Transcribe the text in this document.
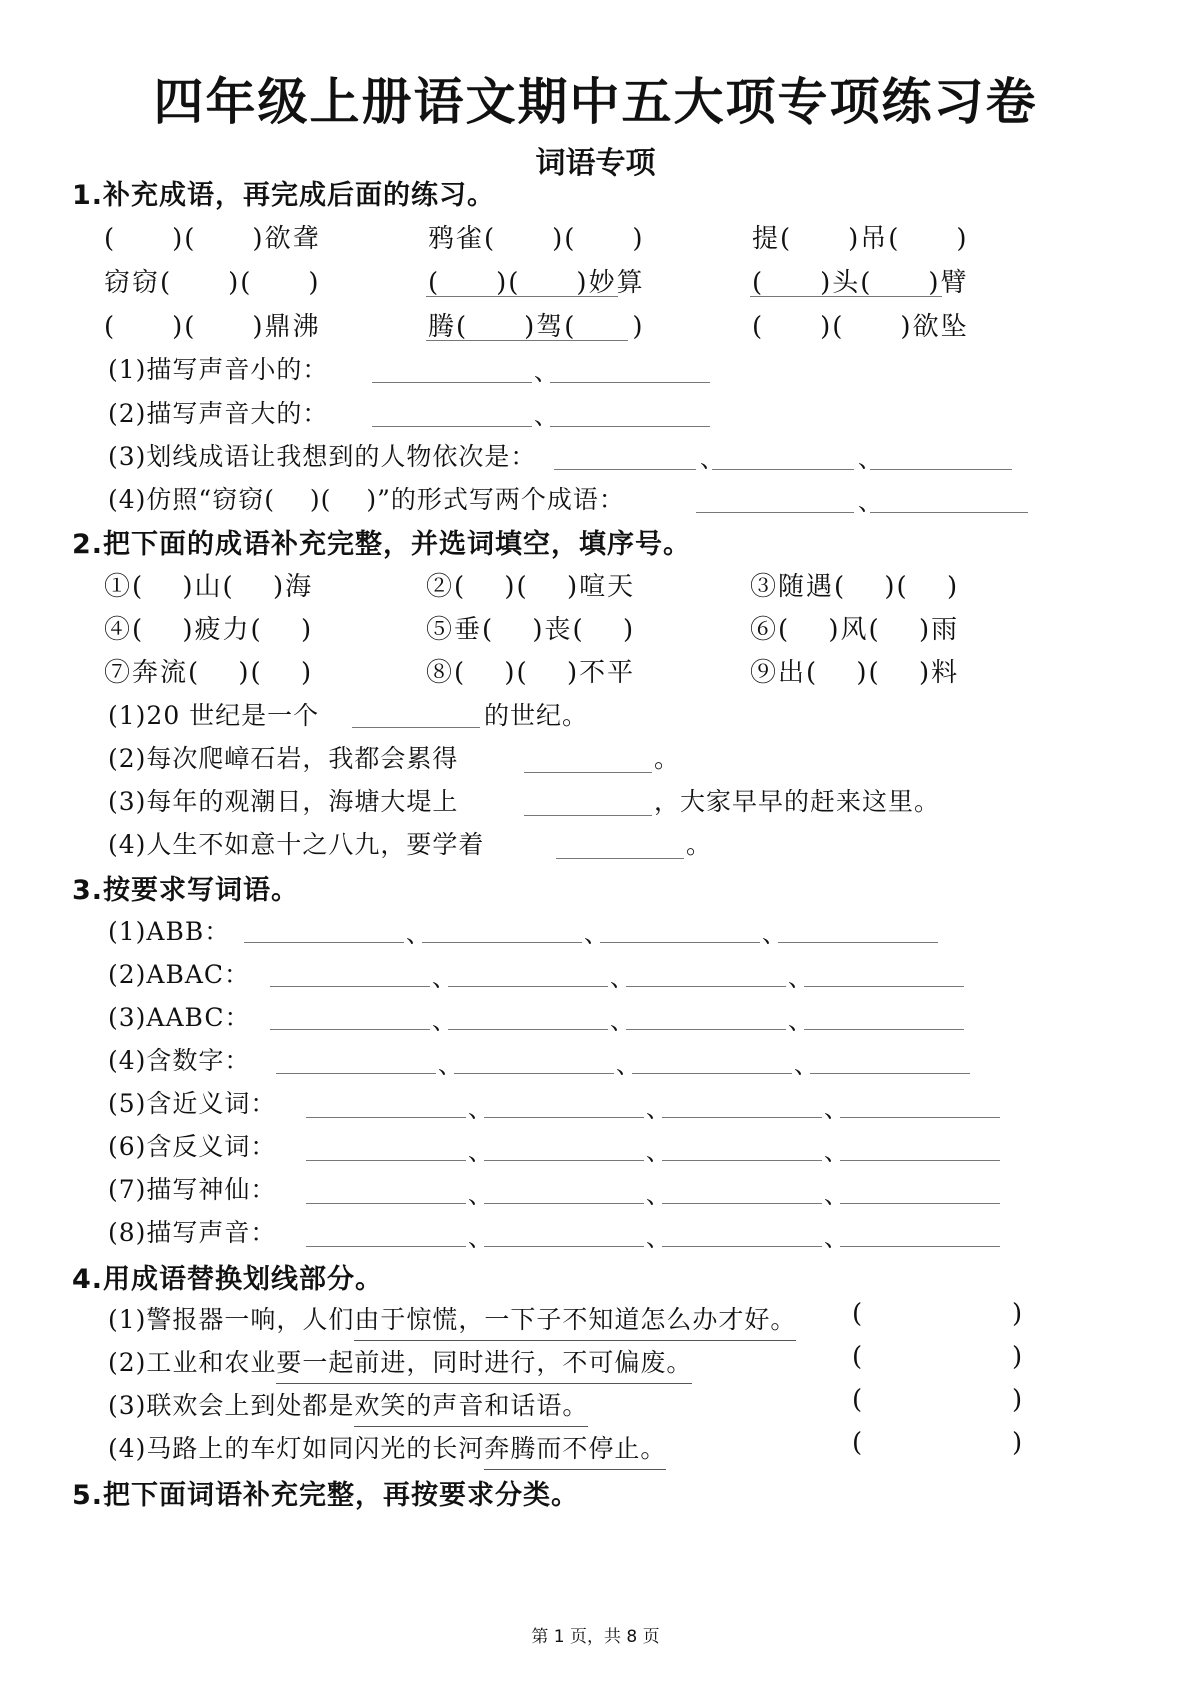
四年级上册语文期中五大项专项练习卷
词语专项
1.补充成语，再完成后面的练习。
(　　)(　　)欲聋	鸦雀(　　)(　　)	提(　　)吊(　　)
窃窃(　　)(　　)	(　　)(　　)妙算	(　　)头(　　)臂
(　　)(　　)鼎沸	腾(　　)驾(　　)	(　　)(　　)欲坠
(1)描写声音小的：	、
(2)描写声音大的：	、
(3)划线成语让我想到的人物依次是：	、	、
(4)仿照“窃窃(　 )(　 )”的形式写两个成语：	、
2.把下面的成语补充完整，并选词填空，填序号。
①(　 )山(　 )海	②(　 )(　 )喧天	③随遇(　 )(　 )
④(　 )疲力(　 )	⑤垂(　 )丧(　 )	⑥(　 )风(　 )雨
⑦奔流(　 )(　 )	⑧(　 )(　 )不平	⑨出(　 )(　 )料
(1)20 世纪是一个	的世纪。
(2)每次爬嶂石岩，我都会累得	。
(3)每年的观潮日，海塘大堤上	，大家早早的赶来这里。
(4)人生不如意十之八九，要学着	。
3.按要求写词语。
(1)ABB：	、	、	、
(2)ABAC：	、	、	、
(3)AABC：	、	、	、
(4)含数字：	、	、	、
(5)含近义词：	、	、	、
(6)含反义词：	、	、	、
(7)描写神仙：	、	、	、
(8)描写声音：	、	、	、
4.用成语替换划线部分。
(1)警报器一响，人们由于惊慌，一下子不知道怎么办才好。 (	)
(2)工业和农业要一起前进，同时进行，不可偏废。	(	)
(3)联欢会上到处都是欢笑的声音和话语。	(	)
(4)马路上的车灯如同闪光的长河奔腾而不停止。	(	)
5.把下面词语补充完整，再按要求分类。
第 1 页，共 8 页
